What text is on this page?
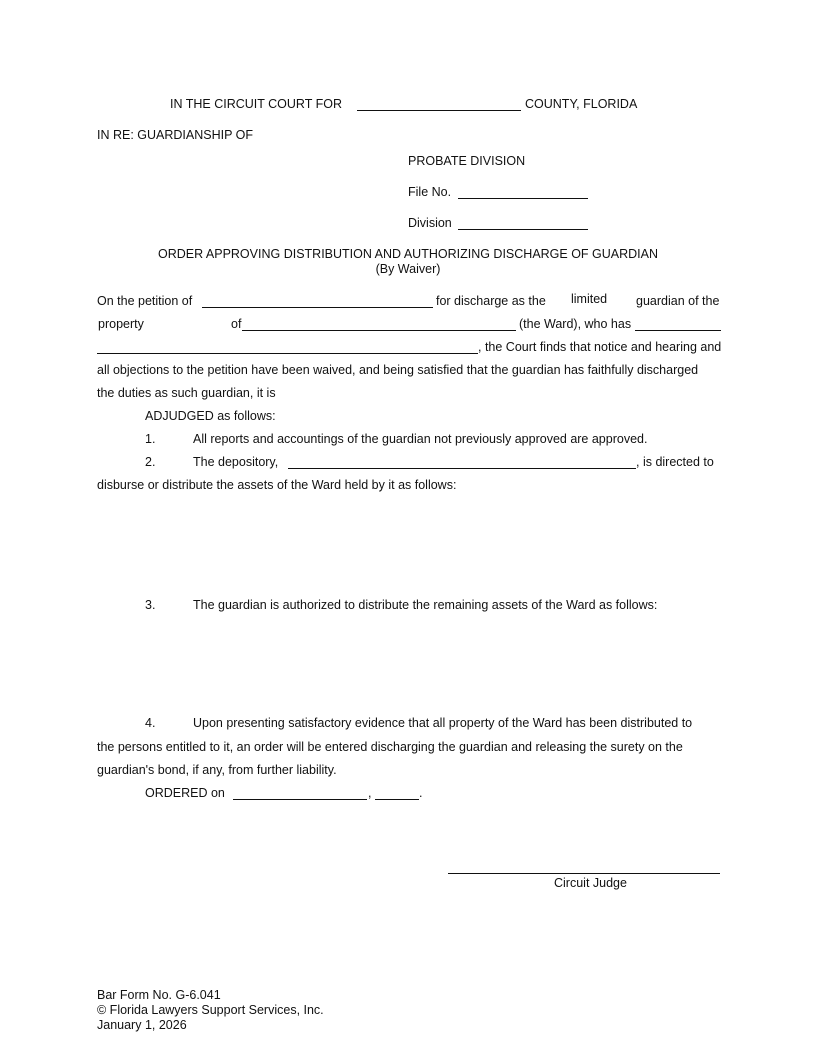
IN THE CIRCUIT COURT FOR	COUNTY, FLORIDA
IN RE: GUARDIANSHIP OF
PROBATE DIVISION
File No.
Division
ORDER APPROVING DISTRIBUTION AND AUTHORIZING DISCHARGE OF GUARDIAN
(By Waiver)
On the petition of	for discharge as the limited guardian of the
property	of	(the Ward), who has
, the Court finds that notice and hearing and
all objections to the petition have been waived, and being satisfied that the guardian has faithfully discharged
the duties as such guardian, it is
ADJUDGED as follows:
1.	All reports and accountings of the guardian not previously approved are approved.
2.	The depository,	, is directed to
disburse or distribute the assets of the Ward held by it as follows:
3.	The guardian is authorized to distribute the remaining assets of the Ward as follows:
4.	Upon presenting satisfactory evidence that all property of the Ward has been distributed to
the persons entitled to it, an order will be entered discharging the guardian and releasing the surety on the
guardian's bond, if any, from further liability.
ORDERED on	,	.
Circuit Judge
Bar Form No. G-6.041
© Florida Lawyers Support Services, Inc.
January 1, 2026
